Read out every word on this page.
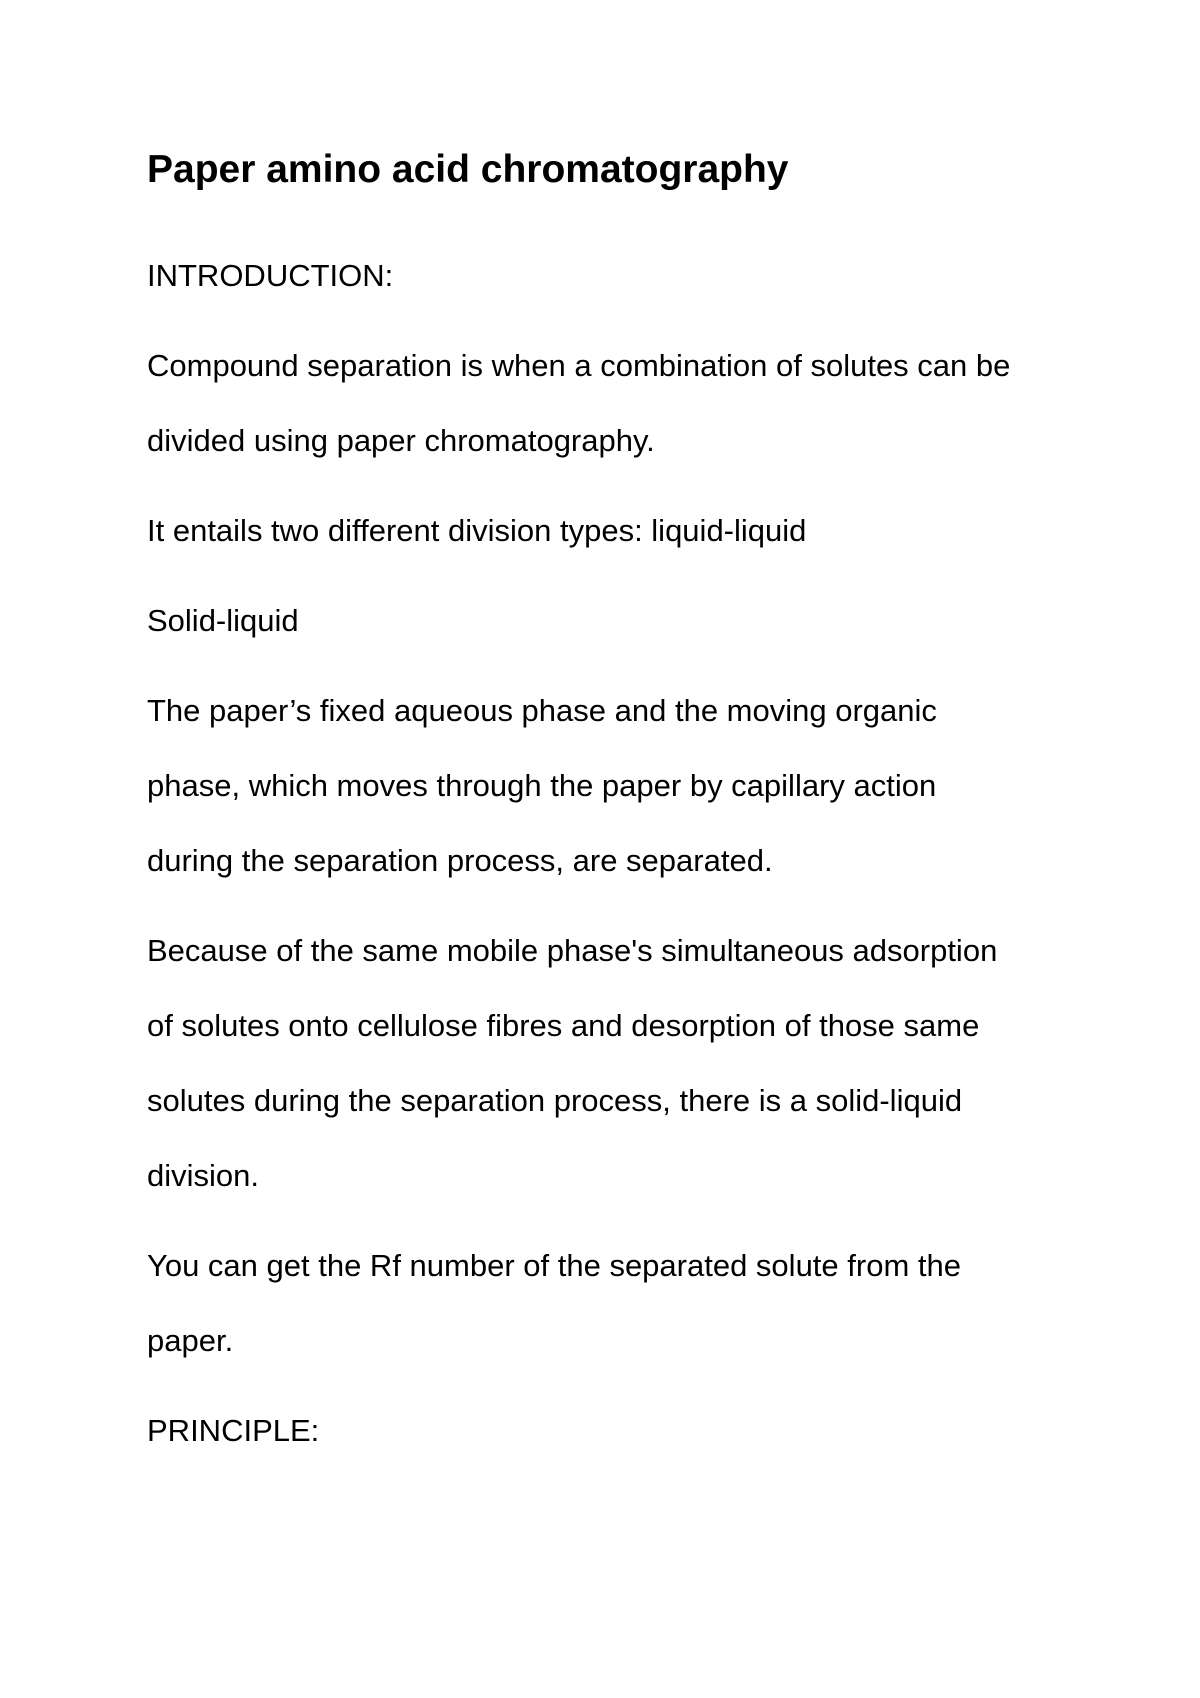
Paper amino acid chromatography

INTRODUCTION:

Compound separation is when a combination of solutes can be

divided using paper chromatography.

It entails two different division types: liquid-liquid

Solid-liquid

The paper’s fixed aqueous phase and the moving organic

phase, which moves through the paper by capillary action

during the separation process, are separated.

Because of the same mobile phase's simultaneous adsorption

of solutes onto cellulose fibres and desorption of those same

solutes during the separation process, there is a solid-liquid

division.

You can get the Rf number of the separated solute from the

paper.

PRINCIPLE:
